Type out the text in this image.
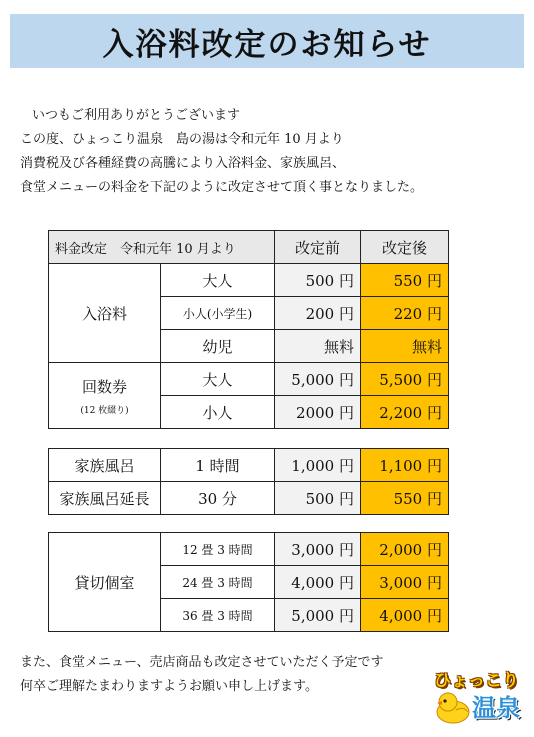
入浴料改定のお知らせ

いつもご利用ありがとうございます

この度、ひょっこり温泉　島の湯は令和元年 10 月より

消費税及び各種経費の高騰により入浴料金、家族風呂、

食堂メニューの料金を下記のように改定させて頂く事となりました。

料金改定　令和元年 10 月より		改定前	改定後
入浴料	大人	500 円	550 円
	小人(小学生)	200 円	220 円
	幼児	無料	無料
回数券
(12 枚綴り)	大人	5,000 円	5,500 円
	小人	2000 円	2,200 円
家族風呂	1 時間	1,000 円	1,100 円
家族風呂延長	30 分	500 円	550 円
貸切個室	12 畳 3 時間	3,000 円	2,000 円
	24 畳 3 時間	4,000 円	3,000 円
	36 畳 3 時間	5,000 円	4,000 円

また、食堂メニュー、売店商品も改定させていただく予定です

何卒ご理解たまわりますようお願い申し上げます。	ひょっこり
温泉
